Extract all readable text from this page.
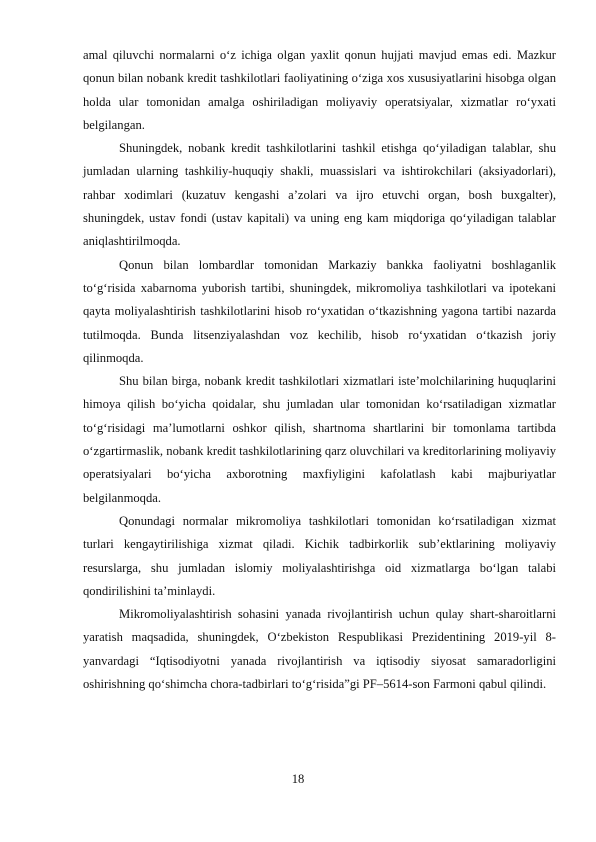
amal qiluvchi normalarni o‘z ichiga olgan yaxlit qonun hujjati mavjud emas edi. Mazkur qonun bilan nobank kredit tashkilotlari faoliyatining o‘ziga xos xususiyatlarini hisobga olgan holda ular tomonidan amalga oshiriladigan moliyaviy operatsiyalar, xizmatlar ro‘yxati belgilangan.

Shuningdek, nobank kredit tashkilotlarini tashkil etishga qo‘yiladigan talablar, shu jumladan ularning tashkiliy-huquqiy shakli, muassislari va ishtirokchilari (aksiyadorlari), rahbar xodimlari (kuzatuv kengashi a’zolari va ijro etuvchi organ, bosh buxgalter), shuningdek, ustav fondi (ustav kapitali) va uning eng kam miqdoriga qo‘yiladigan talablar aniqlashtirilmoqda.

Qonun bilan lombardlar tomonidan Markaziy bankka faoliyatni boshlaganlik to‘g‘risida xabarnoma yuborish tartibi, shuningdek, mikromoliya tashkilotlari va ipotekani qayta moliyalashtirish tashkilotlarini hisob ro‘yxatidan o‘tkazishning yagona tartibi nazarda tutilmoqda. Bunda litsenziyalashdan voz kechilib, hisob ro‘yxatidan o‘tkazish joriy qilinmoqda.

Shu bilan birga, nobank kredit tashkilotlari xizmatlari iste’molchilarining huquqlarini himoya qilish bo‘yicha qoidalar, shu jumladan ular tomonidan ko‘rsatiladigan xizmatlar to‘g‘risidagi ma’lumotlarni oshkor qilish, shartnoma shartlarini bir tomonlama tartibda o‘zgartirmaslik, nobank kredit tashkilotlarining qarz oluvchilari va kreditorlarining moliyaviy operatsiyalari bo‘yicha axborotning maxfiyligini kafolatlash kabi majburiyatlar belgilanmoqda.

Qonundagi normalar mikromoliya tashkilotlari tomonidan ko‘rsatiladigan xizmat turlari kengaytirilishiga xizmat qiladi. Kichik tadbirkorlik sub’ektlarining moliyaviy resurslarga, shu jumladan islomiy moliyalashtirishga oid xizmatlarga bo‘lgan talabi qondirilishini ta’minlaydi.

Mikromoliyalashtirish sohasini yanada rivojlantirish uchun qulay shart-sharoitlarni yaratish maqsadida, shuningdek, O‘zbekiston Respublikasi Prezidentining 2019-yil 8-yanvardagi “Iqtisodiyotni yanada rivojlantirish va iqtisodiy siyosat samaradorligini oshirishning qo‘shimcha chora-tadbirlari to‘g‘risida”gi PF–5614-son Farmoni qabul qilindi.

18
